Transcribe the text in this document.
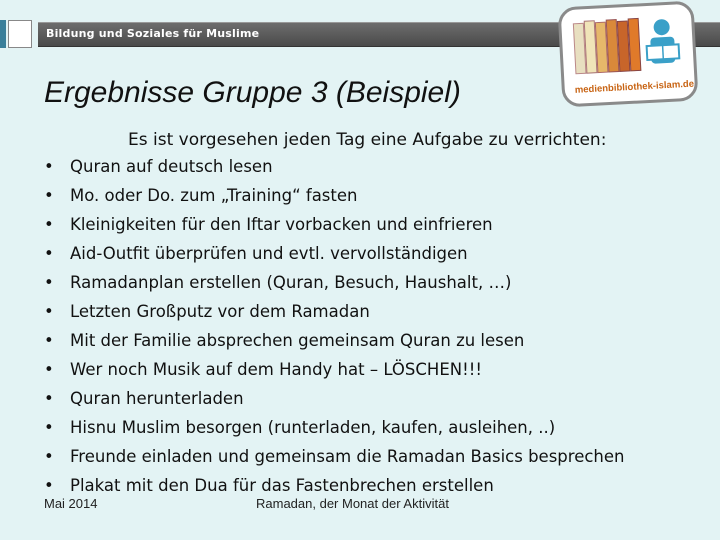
Bildung und Soziales für Muslime
medienbibliothek-islam.de
Ergebnisse Gruppe 3 (Beispiel)
Es ist vorgesehen jeden Tag eine Aufgabe zu verrichten:
• Quran auf deutsch lesen
• Mo. oder Do. zum „Training“ fasten
• Kleinigkeiten für den Iftar vorbacken und einfrieren
• Aid-Outfit überprüfen und evtl. vervollständigen
• Ramadanplan erstellen (Quran, Besuch, Haushalt, …)
• Letzten Großputz vor dem Ramadan
• Mit der Familie absprechen gemeinsam Quran zu lesen
• Wer noch Musik auf dem Handy hat – LÖSCHEN!!!
• Quran herunterladen
• Hisnu Muslim besorgen (runterladen, kaufen, ausleihen, ..)
• Freunde einladen und gemeinsam die Ramadan Basics besprechen
• Plakat mit den Dua für das Fastenbrechen erstellen
Mai 2014	Ramadan, der Monat der Aktivität
